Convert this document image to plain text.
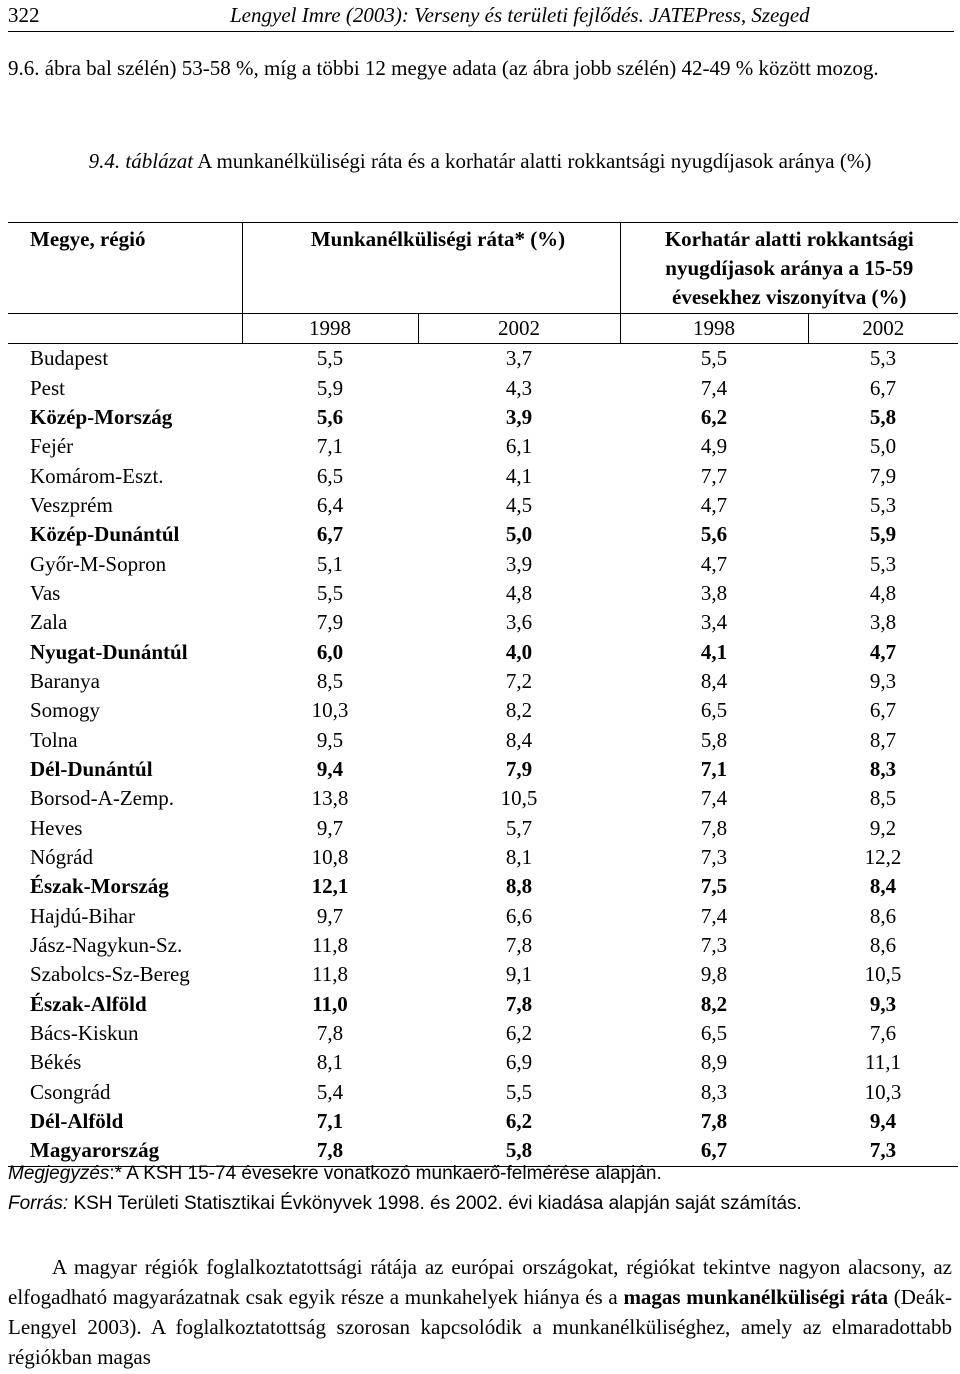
322	Lengyel Imre (2003): Verseny és területi fejlődés. JATEPress, Szeged
9.6. ábra bal szélén) 53-58 %, míg a többi 12 megye adata (az ábra jobb szélén) 42-49 % között mozog.
9.4. táblázat A munkanélküliségi ráta és a korhatár alatti rokkantsági nyugdíjasok aránya (%)
Megye, régió	Munkanélküliségi ráta* (%)		Korhatár alatti rokkantsági
nyugdíjasok aránya a 15-59
évesekhez viszonyítva (%)	
	1998	2002	1998	2002
Budapest	5,5	3,7	5,5	5,3
Pest	5,9	4,3	7,4	6,7
Közép-Mország	5,6	3,9	6,2	5,8
Fejér	7,1	6,1	4,9	5,0
Komárom-Eszt.	6,5	4,1	7,7	7,9
Veszprém	6,4	4,5	4,7	5,3
Közép-Dunántúl	6,7	5,0	5,6	5,9
Győr-M-Sopron	5,1	3,9	4,7	5,3
Vas	5,5	4,8	3,8	4,8
Zala	7,9	3,6	3,4	3,8
Nyugat-Dunántúl	6,0	4,0	4,1	4,7
Baranya	8,5	7,2	8,4	9,3
Somogy	10,3	8,2	6,5	6,7
Tolna	9,5	8,4	5,8	8,7
Dél-Dunántúl	9,4	7,9	7,1	8,3
Borsod-A-Zemp.	13,8	10,5	7,4	8,5
Heves	9,7	5,7	7,8	9,2
Nógrád	10,8	8,1	7,3	12,2
Észak-Mország	12,1	8,8	7,5	8,4
Hajdú-Bihar	9,7	6,6	7,4	8,6
Jász-Nagykun-Sz.	11,8	7,8	7,3	8,6
Szabolcs-Sz-Bereg	11,8	9,1	9,8	10,5
Észak-Alföld	11,0	7,8	8,2	9,3
Bács-Kiskun	7,8	6,2	6,5	7,6
Békés	8,1	6,9	8,9	11,1
Csongrád	5,4	5,5	8,3	10,3
Dél-Alföld	7,1	6,2	7,8	9,4
Magyarország	7,8	5,8	6,7	7,3
Megjegyzés:* A KSH 15-74 évesekre vonatkozó munkaerő-felmérése alapján.
Forrás: KSH Területi Statisztikai Évkönyvek 1998. és 2002. évi kiadása alapján saját számítás.

A magyar régiók foglalkoztatottsági rátája az európai országokat, régiókat tekintve nagyon alacsony, az elfogadható magyarázatnak csak egyik része a munkahelyek hiánya és a magas munkanélküliségi ráta (Deák-Lengyel 2003). A foglalkoztatottság szorosan kapcsolódik a munkanélküliséghez, amely az elmaradottabb régiókban magas
